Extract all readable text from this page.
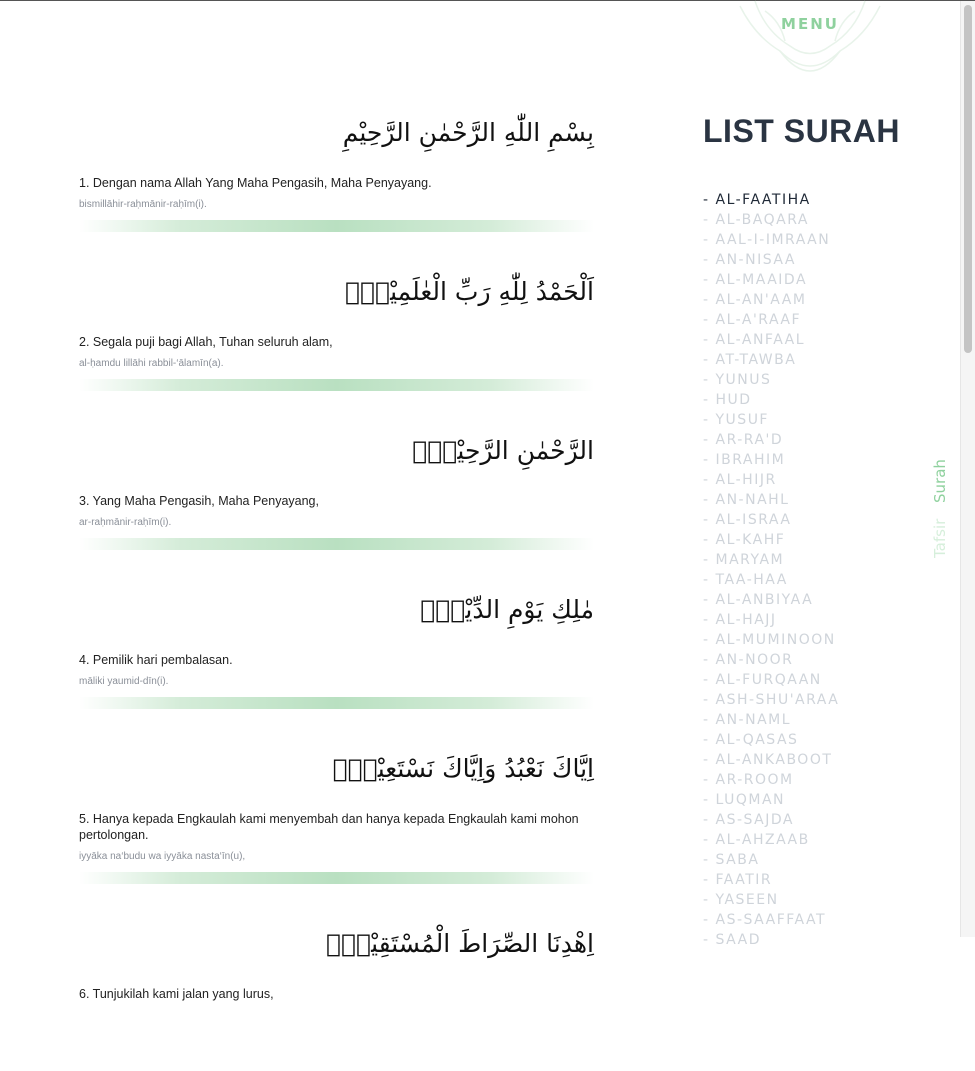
MENU
بِسْمِ اللّٰهِ الرَّحْمٰنِ الرَّحِيْمِ
1. Dengan nama Allah Yang Maha Pengasih, Maha Penyayang.
bismillāhir-raḥmānir-raḥīm(i).
اَلْحَمْدُ لِلّٰهِ رَبِّ الْعٰلَمِيْنَۙ
2. Segala puji bagi Allah, Tuhan seluruh alam,
al-ḥamdu lillāhi rabbil-‘ālamīn(a).
الرَّحْمٰنِ الرَّحِيْمِۙ
3. Yang Maha Pengasih, Maha Penyayang,
ar-raḥmānir-raḥīm(i).
مٰلِكِ يَوْمِ الدِّيْنِۗ
4. Pemilik hari pembalasan.
māliki yaumid-dīn(i).
اِيَّاكَ نَعْبُدُ وَاِيَّاكَ نَسْتَعِيْنُۗ
5. Hanya kepada Engkaulah kami menyembah dan hanya kepada Engkaulah kami mohon pertolongan.
iyyāka na‘budu wa iyyāka nasta‘īn(u),
اِهْدِنَا الصِّرَاطَ الْمُسْتَقِيْمَۙ
6. Tunjukilah kami jalan yang lurus,
LIST SURAH
- AL-FAATIHA
- AL-BAQARA
- AAL-I-IMRAAN
- AN-NISAA
- AL-MAAIDA
- AL-AN'AAM
- AL-A'RAAF
- AL-ANFAAL
- AT-TAWBA
- YUNUS
- HUD
- YUSUF
- AR-RA'D
- IBRAHIM
- AL-HIJR
- AN-NAHL
- AL-ISRAA
- AL-KAHF
- MARYAM
- TAA-HAA
- AL-ANBIYAA
- AL-HAJJ
- AL-MUMINOON
- AN-NOOR
- AL-FURQAAN
- ASH-SHU'ARAA
- AN-NAML
- AL-QASAS
- AL-ANKABOOT
- AR-ROOM
- LUQMAN
- AS-SAJDA
- AL-AHZAAB
- SABA
- FAATIR
- YASEEN
- AS-SAAFFAAT
- SAAD
Surah
Tafsir
